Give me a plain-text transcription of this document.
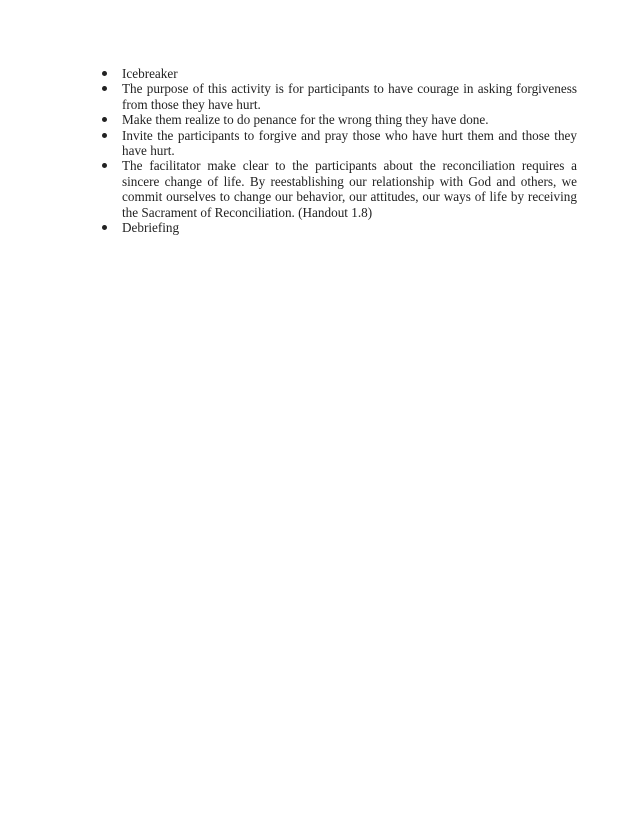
Icebreaker
The purpose of this activity is for participants to have courage in asking forgiveness from those they have hurt.
Make them realize to do penance for the wrong thing they have done.
Invite the participants to forgive and pray those who have hurt them and those they have hurt.
The facilitator make clear to the participants about the reconciliation requires a sincere change of life. By reestablishing our relationship with God and others, we commit ourselves to change our behavior, our attitudes, our ways of life by receiving the Sacrament of Reconciliation. (Handout 1.8)
Debriefing
